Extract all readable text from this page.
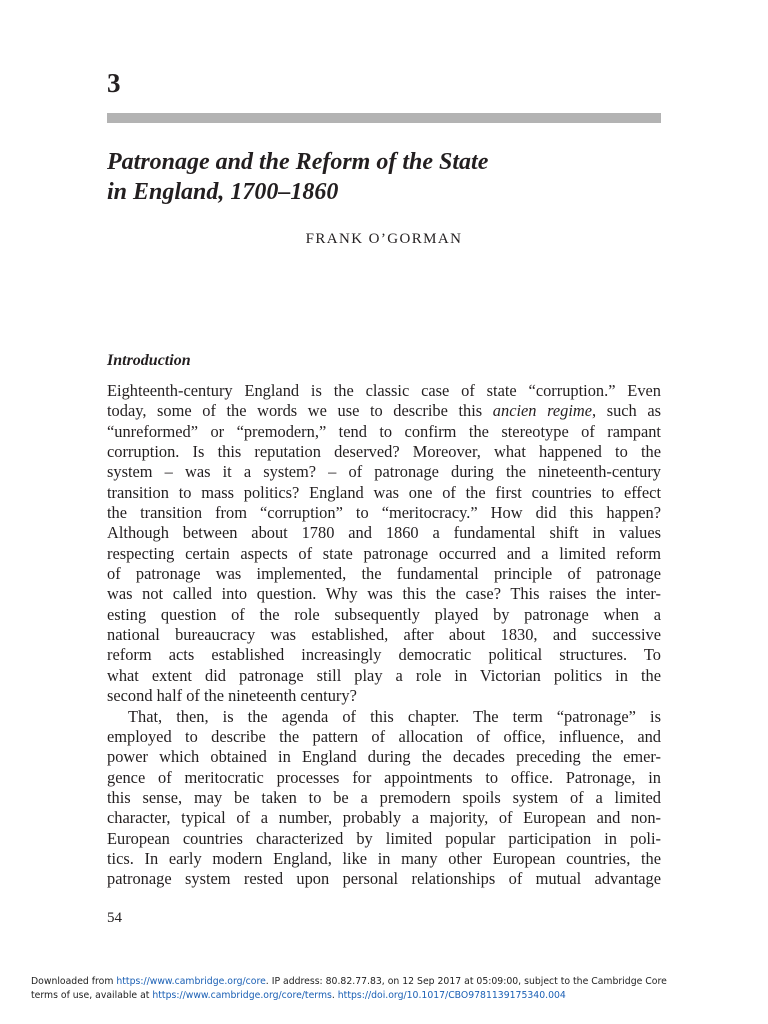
3
Patronage and the Reform of the State
in England, 1700–1860
FRANK O’GORMAN
Introduction
Eighteenth-century England is the classic case of state “corruption.” Even
today, some of the words we use to describe this ancien regime, such as
“unreformed” or “premodern,” tend to confirm the stereotype of rampant
corruption. Is this reputation deserved? Moreover, what happened to the
system – was it a system? – of patronage during the nineteenth-century
transition to mass politics? England was one of the first countries to effect
the transition from “corruption” to “meritocracy.” How did this happen?
Although between about 1780 and 1860 a fundamental shift in values
respecting certain aspects of state patronage occurred and a limited reform
of patronage was implemented, the fundamental principle of patronage
was not called into question. Why was this the case? This raises the inter-
esting question of the role subsequently played by patronage when a
national bureaucracy was established, after about 1830, and successive
reform acts established increasingly democratic political structures. To
what extent did patronage still play a role in Victorian politics in the
second half of the nineteenth century?
That, then, is the agenda of this chapter. The term “patronage” is
employed to describe the pattern of allocation of office, influence, and
power which obtained in England during the decades preceding the emer-
gence of meritocratic processes for appointments to office. Patronage, in
this sense, may be taken to be a premodern spoils system of a limited
character, typical of a number, probably a majority, of European and non-
European countries characterized by limited popular participation in poli-
tics. In early modern England, like in many other European countries, the
patronage system rested upon personal relationships of mutual advantage
54
Downloaded from https://www.cambridge.org/core. IP address: 80.82.77.83, on 12 Sep 2017 at 05:09:00, subject to the Cambridge Core
terms of use, available at https://www.cambridge.org/core/terms. https://doi.org/10.1017/CBO9781139175340.004
